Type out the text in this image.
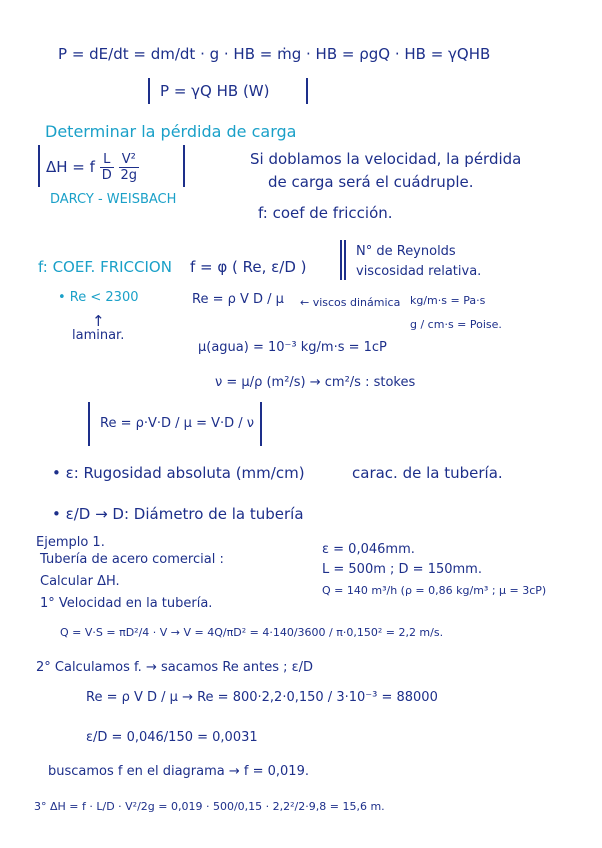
P = dE/dt = dm/dt · g · HB = ṁg · HB = ρgQ · HB = γQHB
P = γQ HB (W)
Determinar la pérdida de carga
ΔH = f $\frac{L}{D}$
$\frac{\text{V²}}{2g}$
DARCY - WEISBACH
Si doblamos la velocidad, la pérdida
de carga será el cuádruple.
f: coef de fricción.
f: COEF. FRICCION f = φ ( Re, ε/D )
N° de Reynolds
viscosidad relativa.
• Re < 2300
↑
laminar.
Re = ρ V D / μ ← viscos dinámica kg/m·s = Pa·s
g / cm·s = Poise.
μ(agua) = 10⁻³ kg/m·s = 1cP
ν = μ/ρ (m²/s) → cm²/s : stokes
Re = ρ·V·D / μ = V·D / ν
• ε: Rugosidad absoluta (mm/cm)	carac. de la tubería.
• ε/D → D: Diámetro de la tubería
Ejemplo 1.
Tubería de acero comercial :
Calcular ΔH.
ε = 0,046mm.
L = 500m ; D = 150mm.
Q = 140 m³/h (ρ = 0,86 kg/m³ ; μ = 3cP)
1° Velocidad en la tubería.
Q = V·S = πD²/4 · V → V = 4Q/πD² = 4·140/3600 / π·0,150² = 2,2 m/s.
2° Calculamos f. → sacamos Re antes ; ε/D
Re = ρ V D / μ → Re = 800·2,2·0,150 / 3·10⁻³ = 88000
ε/D = 0,046/150 = 0,0031
buscamos f en el diagrama → f = 0,019.
3° ΔH = f · L/D · V²/2g = 0,019 · 500/0,15 · 2,2²/2·9,8 = 15,6 m.
